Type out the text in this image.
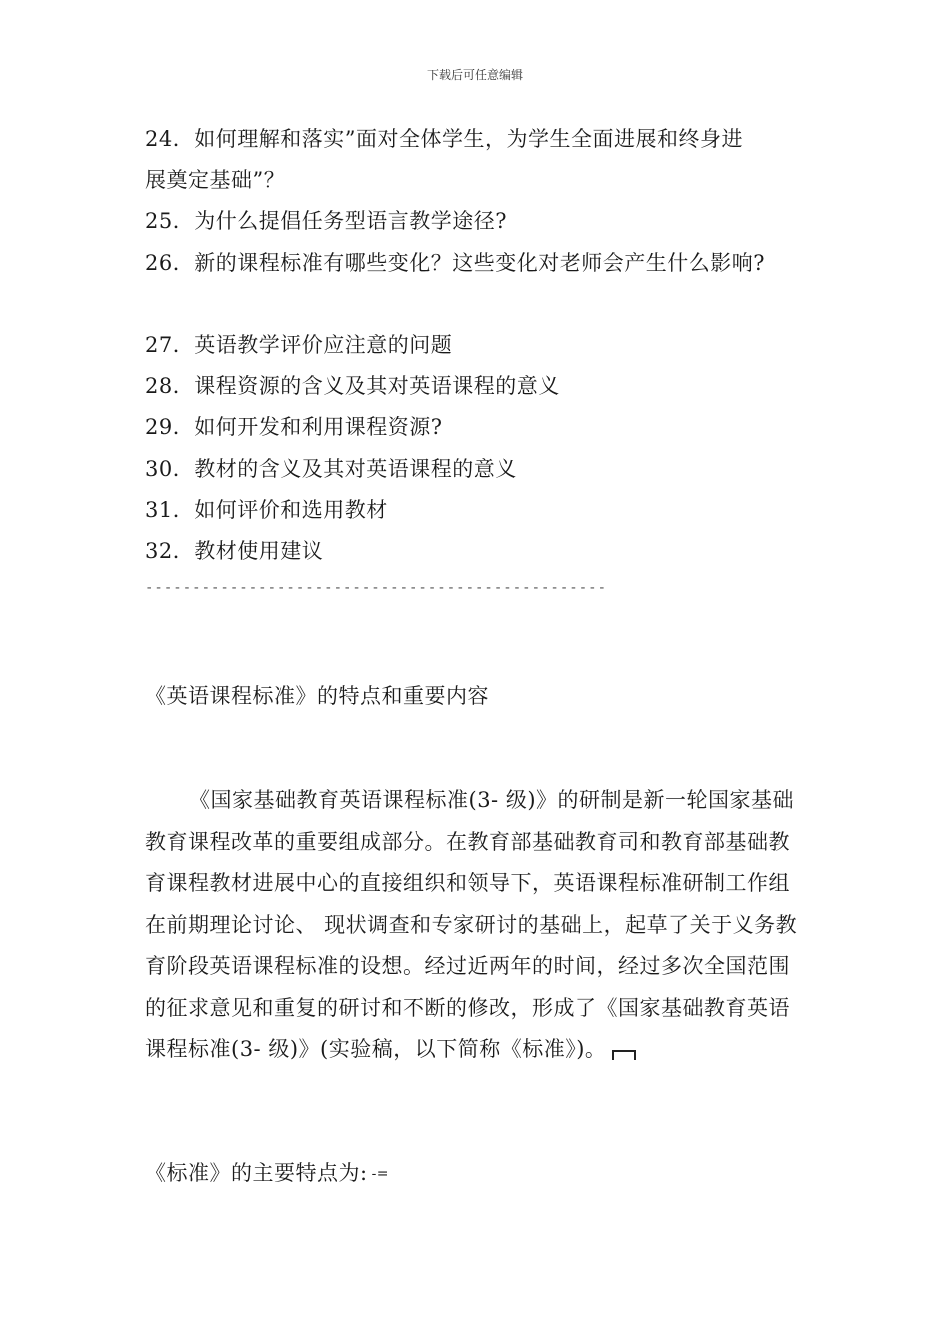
下载后可任意编辑
24．如何理解和落实”面对全体学生，为学生全面进展和终身进
展奠定基础”？
25．为什么提倡任务型语言教学途径?
26．新的课程标准有哪些变化？这些变化对老师会产生什么影响?
27．英语教学评价应注意的问题
28．课程资源的含义及其对英语课程的意义
29．如何开发和利用课程资源?
30．教材的含义及其对英语课程的意义
31．如何评价和选用教材
32．教材使用建议
-------------------------------------------------
《英语课程标准》的特点和重要内容
《国家基础教育英语课程标准(3- 级)》的研制是新一轮国家基础教育课程改革的重要组成部分。在教育部基础教育司和教育部基础教育课程教材进展中心的直接组织和领导下，英语课程标准研制工作组在前期理论讨论、 现状调查和专家研讨的基础上，起草了关于义务教育阶段英语课程标准的设想。经过近两年的时间，经过多次全国范围的征求意见和重复的研讨和不断的修改，形成了《国家基础教育英语课程标准(3- 级)》(实验稿，以下简称《标准》)。
《标准》的主要特点为: -=
